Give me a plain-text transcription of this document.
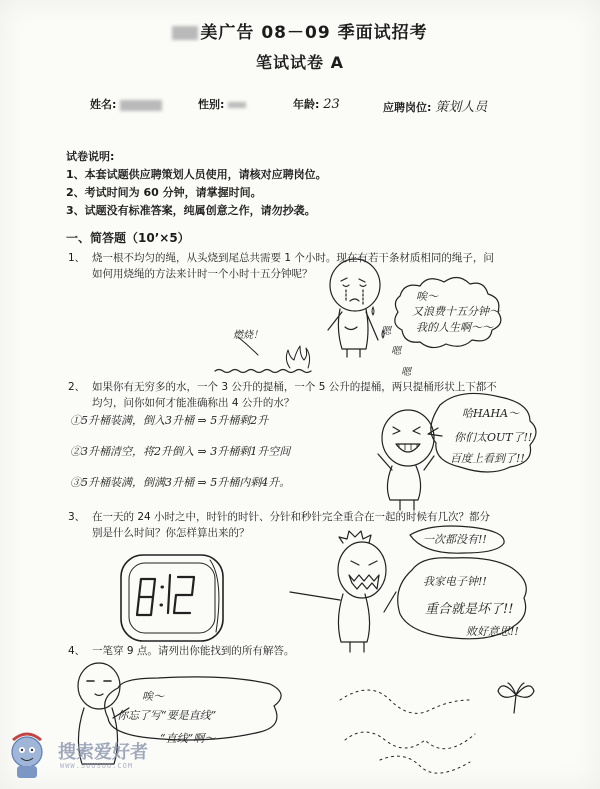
美广告 08－09 季面试招考
笔试试卷 A
姓名:	性别:	年龄: 23	应聘岗位: 策划人员
试卷说明:
1、本套试题供应聘策划人员使用，请核对应聘岗位。
2、考试时间为 60 分钟，请掌握时间。
3、试题没有标准答案，纯属创意之作，请勿抄袭。
一、简答题（10’×5）
1、 烧一根不均匀的绳，从头烧到尾总共需要 1 个小时。现在有若干条材质相同的绳子，问
如何用烧绳的方法来计时一个小时十五分钟呢？
燃烧！
唉～
又浪费十五分钟～
我的人生啊～～
嗯
嗯
嗯
2、 如果你有无穷多的水，一个 3 公升的提桶，一个 5 公升的提桶，两只提桶形状上下都不
均匀，问你如何才能准确称出 4 公升的水？
①5升桶装满，倒入3升桶 ⇒ 5升桶剩2升
②3升桶清空，将2升倒入 ⇒ 3升桶剩1升空间
③5升桶装满，倒满3升桶 ⇒ 5升桶内剩4升。
哈HAHA～
你们太OUT了!!
百度上看到了!!
3、 在一天的 24 小时之中，时针的时针、分针和秒针完全重合在一起的时候有几次？都分
别是什么时间？你怎样算出来的？	一次都没有!!
我家电子钟!!
重合就是坏了!!
败好意思!!
4、 一笔穿 9 点。请列出你能找到的所有解答。
唉～
你忘了写“要是直线”
“直线”啊～
搜索爱好者
WWW.SOUSUO.COM
